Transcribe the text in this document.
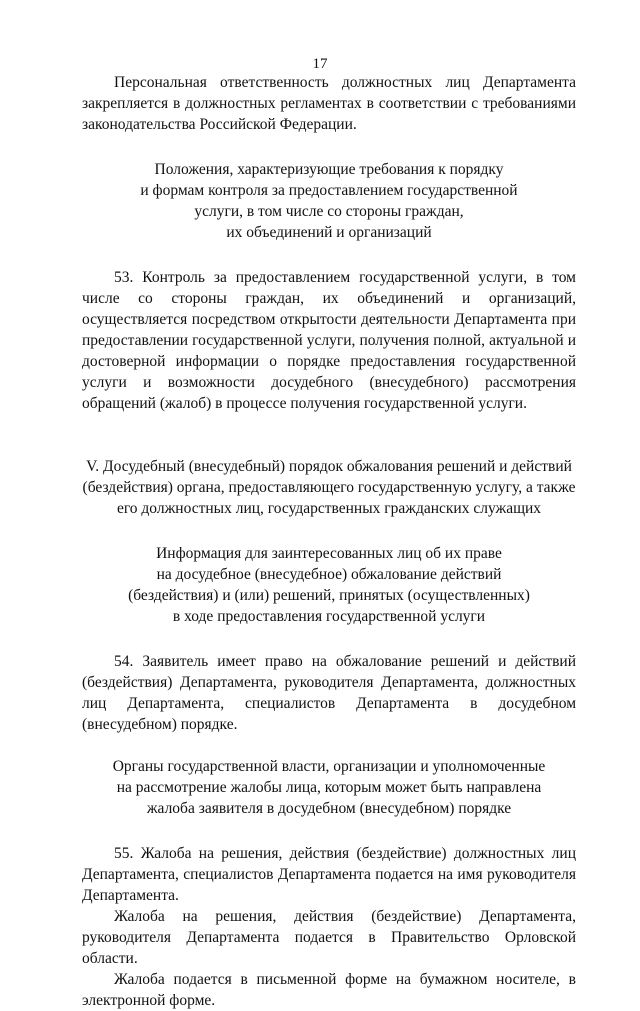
17

Персональная ответственность должностных лиц Департамента закрепляется в должностных регламентах в соответствии с требованиями законодательства Российской Федерации.

Положения, характеризующие требования к порядку
и формам контроля за предоставлением государственной
услуги, в том числе со стороны граждан,
их объединений и организаций

53. Контроль за предоставлением государственной услуги, в том числе со стороны граждан, их объединений и организаций, осуществляется посредством открытости деятельности Департамента при предоставлении государственной услуги, получения полной, актуальной и достоверной информации о порядке предоставления государственной услуги и возможности досудебного (внесудебного) рассмотрения обращений (жалоб) в процессе получения государственной услуги.

V. Досудебный (внесудебный) порядок обжалования решений и действий
(бездействия) органа, предоставляющего государственную услугу, а также
его должностных лиц, государственных гражданских служащих
Информация для заинтересованных лиц об их праве
на досудебное (внесудебное) обжалование действий
(бездействия) и (или) решений, принятых (осуществленных)
в ходе предоставления государственной услуги

54. Заявитель имеет право на обжалование решений и действий (бездействия) Департамента, руководителя Департамента, должностных лиц Департамента, специалистов Департамента в досудебном (внесудебном) порядке.

Органы государственной власти, организации и уполномоченные
на рассмотрение жалобы лица, которым может быть направлена
жалоба заявителя в досудебном (внесудебном) порядке

55. Жалоба на решения, действия (бездействие) должностных лиц Департамента, специалистов Департамента подается на имя руководителя Департамента.

Жалоба на решения, действия (бездействие) Департамента, руководителя Департамента подается в Правительство Орловской области.

Жалоба подается в письменной форме на бумажном носителе, в электронной форме.
